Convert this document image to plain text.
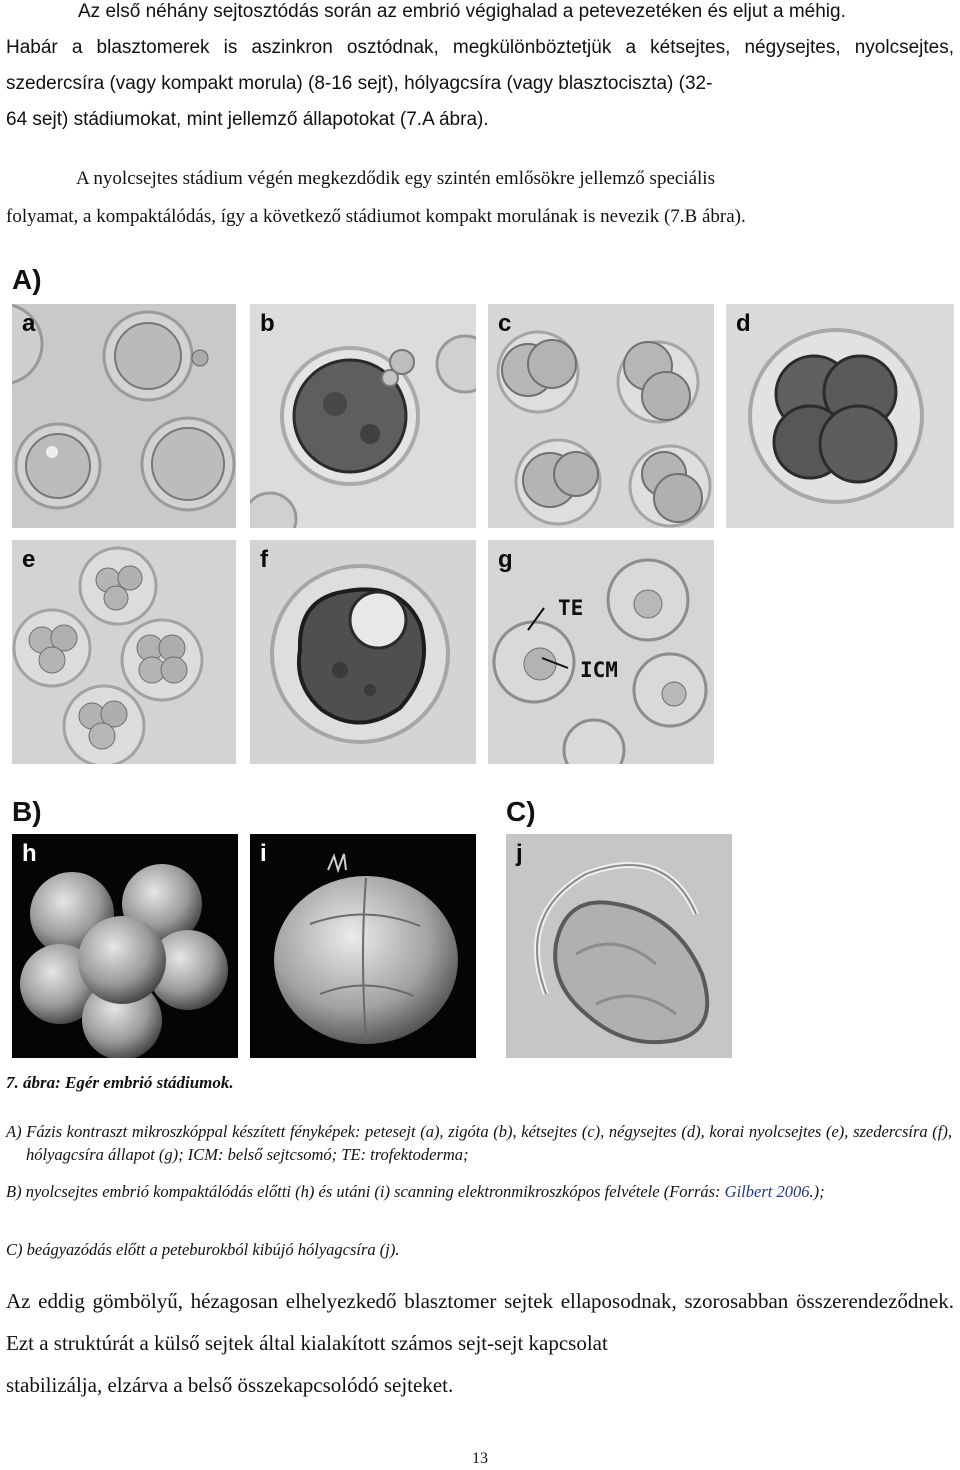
Az első néhány sejtosztódás során az embrió végighalad a petevezetéken és eljut a méhig.

Habár a blasztomerek is aszinkron osztódnak, megkülönböztetjük a kétsejtes, négysejtes, nyolcsejtes, szedercsíra (vagy kompakt morula) (8-16 sejt), hólyagcsíra (vagy blasztociszta) (32-
64 sejt) stádiumokat, mint jellemző állapotokat (7.A ábra).

A nyolcsejtes stádium végén megkezdődik egy szintén emlősökre jellemző speciális

folyamat, a kompaktálódás, így a következő stádiumot kompakt morulának is nevezik (7.B ábra).

A)
a	b	c	d
e	f	g
TE
ICM
B)	C)
h	i	j
7. ábra: Egér embrió stádiumok.

A) Fázis kontraszt mikroszkóppal készített fényképek: petesejt (a), zigóta (b), kétsejtes (c), négysejtes (d), korai nyolcsejtes (e), szedercsíra (f), hólyagcsíra állapot (g); ICM: belső sejtcsomó; TE: trofektoderma;

B) nyolcsejtes embrió kompaktálódás előtti (h) és utáni (i) scanning elektronmikroszkópos felvétele (Forrás: Gilbert 2006.);

C) beágyazódás előtt a peteburokból kibújó hólyagcsíra (j).

Az eddig gömbölyű, hézagosan elhelyezkedő blasztomer sejtek ellaposodnak, szorosabban összerendeződnek. Ezt a struktúrát a külső sejtek által kialakított számos sejt-sejt kapcsolat

stabilizálja, elzárva a belső összekapcsolódó sejteket.

13
